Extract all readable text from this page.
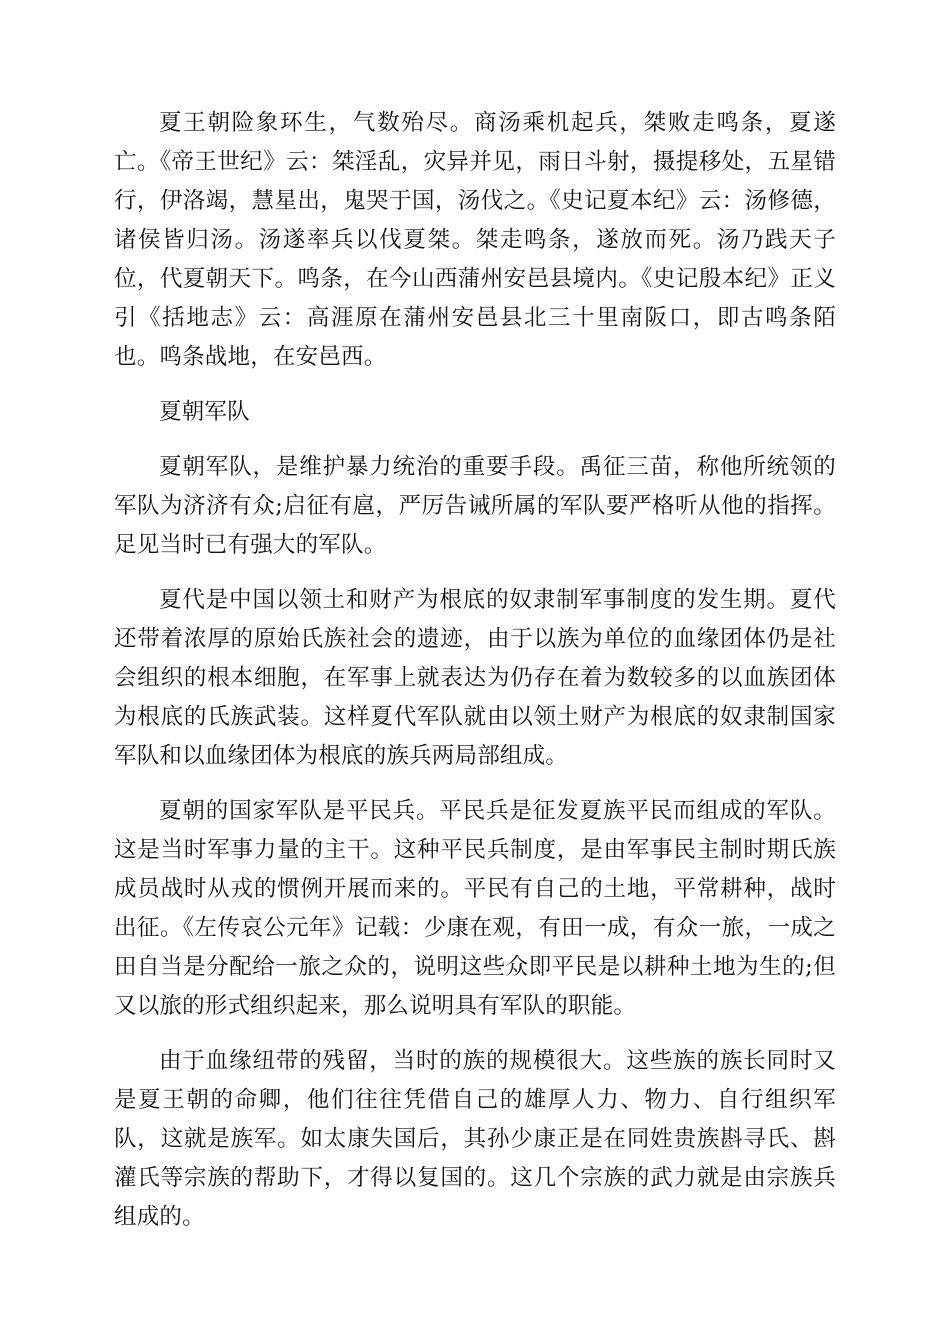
夏王朝险象环生，气数殆尽。商汤乘机起兵，桀败走鸣条，夏遂亡。《帝王世纪》云：桀淫乱，灾异并见，雨日斗射，摄提移处，五星错行，伊洛竭，慧星出，鬼哭于国，汤伐之。《史记夏本纪》云：汤修德，诸侯皆归汤。汤遂率兵以伐夏桀。桀走鸣条，遂放而死。汤乃践天子位，代夏朝天下。鸣条，在今山西蒲州安邑县境内。《史记殷本纪》正义引《括地志》云：高涯原在蒲州安邑县北三十里南阪口，即古鸣条陌也。鸣条战地，在安邑西。

夏朝军队

夏朝军队，是维护暴力统治的重要手段。禹征三苗，称他所统领的军队为济济有众;启征有扈，严厉告诫所属的军队要严格听从他的指挥。足见当时已有强大的军队。

夏代是中国以领土和财产为根底的奴隶制军事制度的发生期。夏代还带着浓厚的原始氏族社会的遗迹，由于以族为单位的血缘团体仍是社会组织的根本细胞，在军事上就表达为仍存在着为数较多的以血族团体为根底的氏族武装。这样夏代军队就由以领土财产为根底的奴隶制国家军队和以血缘团体为根底的族兵两局部组成。

夏朝的国家军队是平民兵。平民兵是征发夏族平民而组成的军队。这是当时军事力量的主干。这种平民兵制度，是由军事民主制时期氏族成员战时从戎的惯例开展而来的。平民有自己的土地，平常耕种，战时出征。《左传哀公元年》记载：少康在观，有田一成，有众一旅，一成之田自当是分配给一旅之众的，说明这些众即平民是以耕种土地为生的;但又以旅的形式组织起来，那么说明具有军队的职能。

由于血缘纽带的残留，当时的族的规模很大。这些族的族长同时又是夏王朝的命卿，他们往往凭借自己的雄厚人力、物力、自行组织军队，这就是族军。如太康失国后，其孙少康正是在同姓贵族斟寻氏、斟灌氏等宗族的帮助下，才得以复国的。这几个宗族的武力就是由宗族兵组成的。
